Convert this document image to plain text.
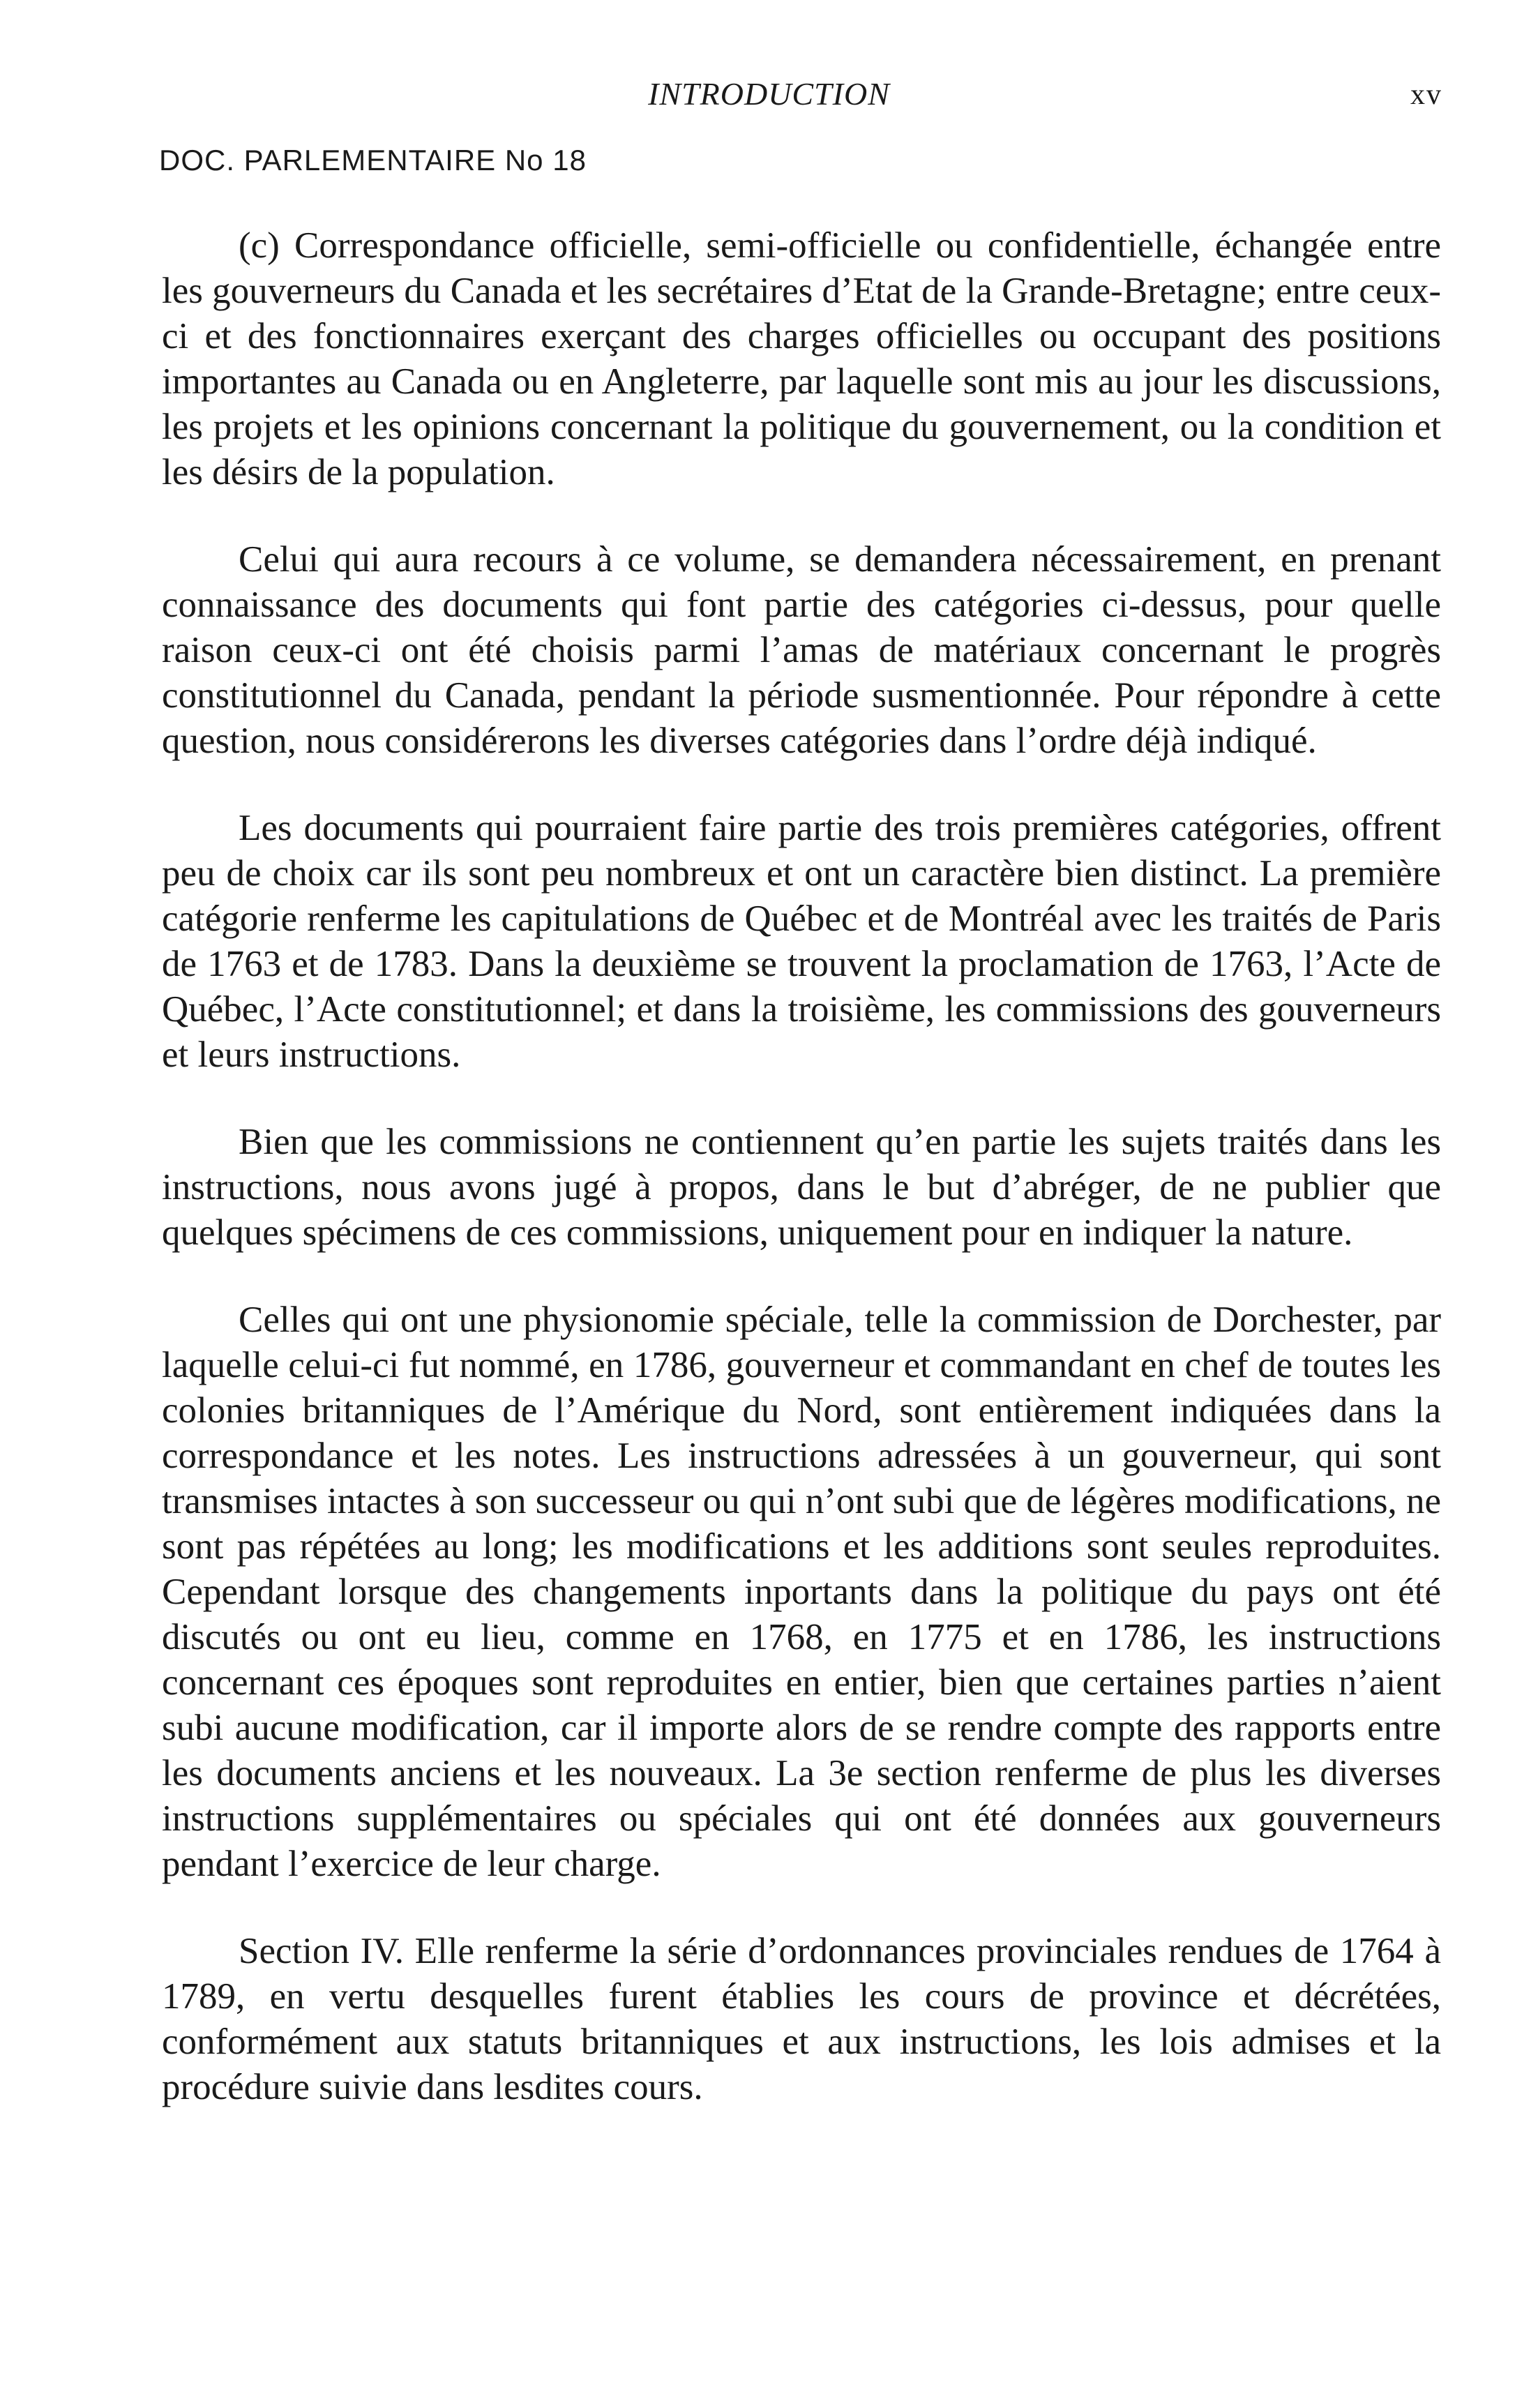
INTRODUCTION	xv
DOC. PARLEMENTAIRE No 18

(c) Correspondance officielle, semi-officielle ou confidentielle, échangée entre les gouverneurs du Canada et les secrétaires d’Etat de la Grande-Bretagne; entre ceux-ci et des fonctionnaires exerçant des charges officielles ou occupant des positions importantes au Canada ou en Angleterre, par laquelle sont mis au jour les discussions, les projets et les opinions concernant la politique du gouvernement, ou la condition et les désirs de la population.

Celui qui aura recours à ce volume, se demandera nécessairement, en prenant connaissance des documents qui font partie des catégories ci-dessus, pour quelle raison ceux-ci ont été choisis parmi l’amas de matériaux concernant le progrès constitutionnel du Canada, pendant la période susmentionnée. Pour répondre à cette question, nous considérerons les diverses catégories dans l’ordre déjà indiqué.

Les documents qui pourraient faire partie des trois premières catégories, offrent peu de choix car ils sont peu nombreux et ont un caractère bien distinct. La première catégorie renferme les capitulations de Québec et de Montréal avec les traités de Paris de 1763 et de 1783. Dans la deuxième se trouvent la proclamation de 1763, l’Acte de Québec, l’Acte constitutionnel; et dans la troisième, les commissions des gouverneurs et leurs instructions.

Bien que les commissions ne contiennent qu’en partie les sujets traités dans les instructions, nous avons jugé à propos, dans le but d’abréger, de ne publier que quelques spécimens de ces commissions, uniquement pour en indiquer la nature.

Celles qui ont une physionomie spéciale, telle la commission de Dorchester, par laquelle celui-ci fut nommé, en 1786, gouverneur et commandant en chef de toutes les colonies britanniques de l’Amérique du Nord, sont entièrement indiquées dans la correspondance et les notes. Les instructions adressées à un gouverneur, qui sont transmises intactes à son successeur ou qui n’ont subi que de légères modifications, ne sont pas répétées au long; les modifications et les additions sont seules reproduites. Cependant lorsque des changements inportants dans la politique du pays ont été discutés ou ont eu lieu, comme en 1768, en 1775 et en 1786, les instructions concernant ces époques sont reproduites en entier, bien que certaines parties n’aient subi aucune modification, car il importe alors de se rendre compte des rapports entre les documents anciens et les nouveaux. La 3e section renferme de plus les diverses instructions supplémentaires ou spéciales qui ont été données aux gouverneurs pendant l’exercice de leur charge.

Section IV. Elle renferme la série d’ordonnances provinciales rendues de 1764 à 1789, en vertu desquelles furent établies les cours de province et décrétées, conformément aux statuts britanniques et aux instructions, les lois admises et la procédure suivie dans lesdites cours.
